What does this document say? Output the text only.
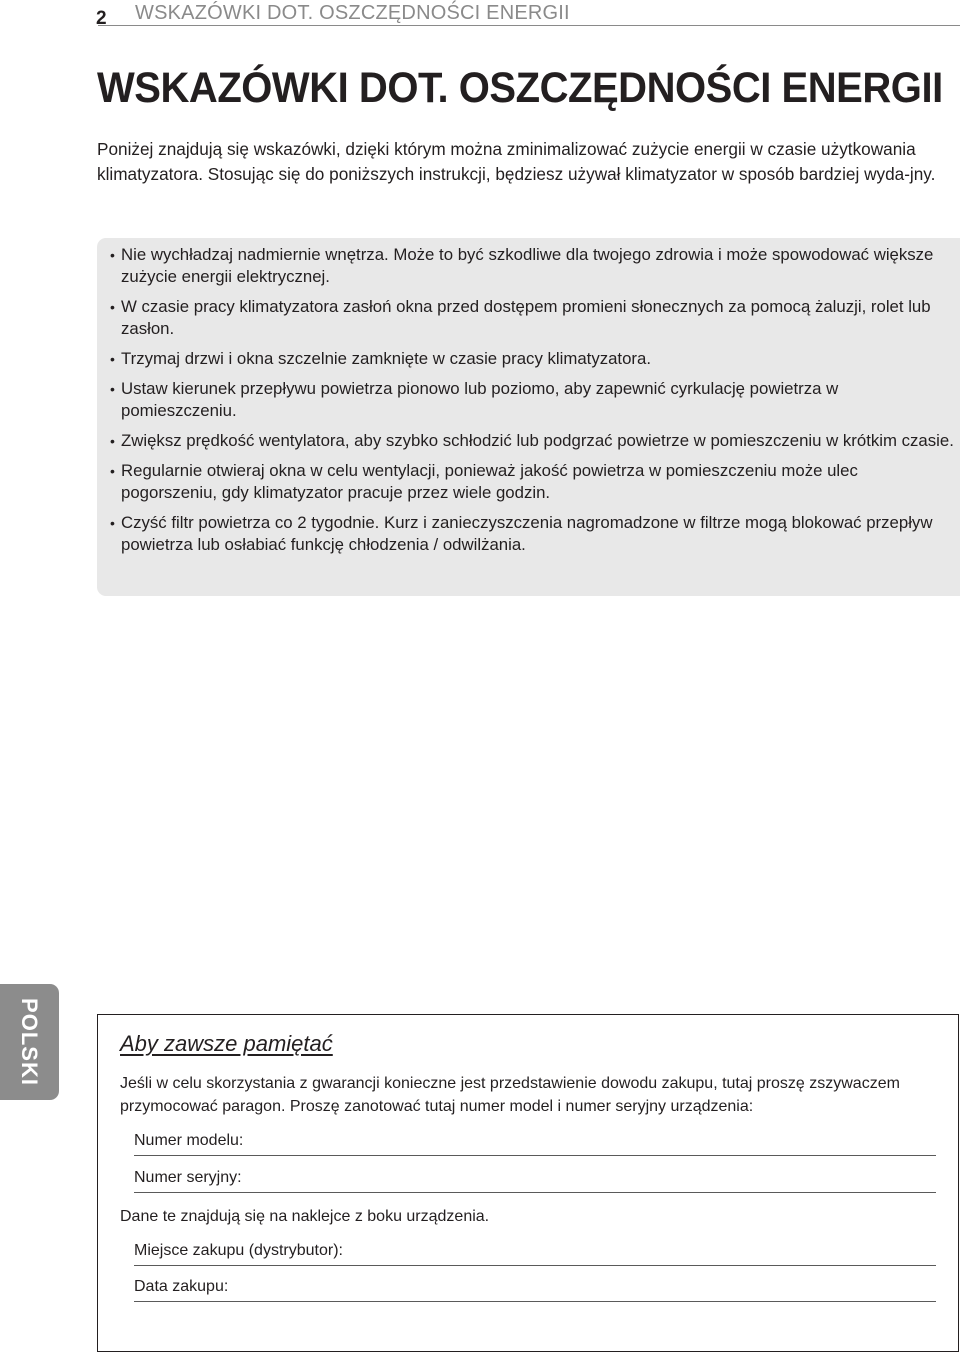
2 WSKAZÓWKI DOT. OSZCZĘDNOŚCI ENERGII
WSKAZÓWKI DOT. OSZCZĘDNOŚCI ENERGII

Poniżej znajdują się wskazówki, dzięki którym można zminimalizować zużycie energii w czasie użytkowania klimatyzatora. Stosując się do poniższych instrukcji, będziesz używał klimatyzator w sposób bardziej wyda-jny.

• Nie wychładzaj nadmiernie wnętrza. Może to być szkodliwe dla twojego zdrowia i może spowodować większe zużycie energii elektrycznej.
• W czasie pracy klimatyzatora zasłoń okna przed dostępem promieni słonecznych za pomocą żaluzji, rolet lub zasłon.
• Trzymaj drzwi i okna szczelnie zamknięte w czasie pracy klimatyzatora.
• Ustaw kierunek przepływu powietrza pionowo lub poziomo, aby zapewnić cyrkulację powietrza w pomieszczeniu.
• Zwiększ prędkość wentylatora, aby szybko schłodzić lub podgrzać powietrze w pomieszczeniu w krótkim czasie.
• Regularnie otwieraj okna w celu wentylacji, ponieważ jakość powietrza w pomieszczeniu może ulec pogorszeniu, gdy klimatyzator pracuje przez wiele godzin.
• Czyść filtr powietrza co 2 tygodnie. Kurz i zanieczyszczenia nagromadzone w filtrze mogą blokować przepływ powietrza lub osłabiać funkcję chłodzenia / odwilżania.
POLSKI	Aby zawsze pamiętać

Jeśli w celu skorzystania z gwarancji konieczne jest przedstawienie dowodu zakupu, tutaj proszę zszywaczem przymocować paragon. Proszę zanotować tutaj numer model i numer seryjny urządzenia:

Numer modelu:
Numer seryjny:
Dane te znajdują się na naklejce z boku urządzenia.
Miejsce zakupu (dystrybutor):
Data zakupu:
